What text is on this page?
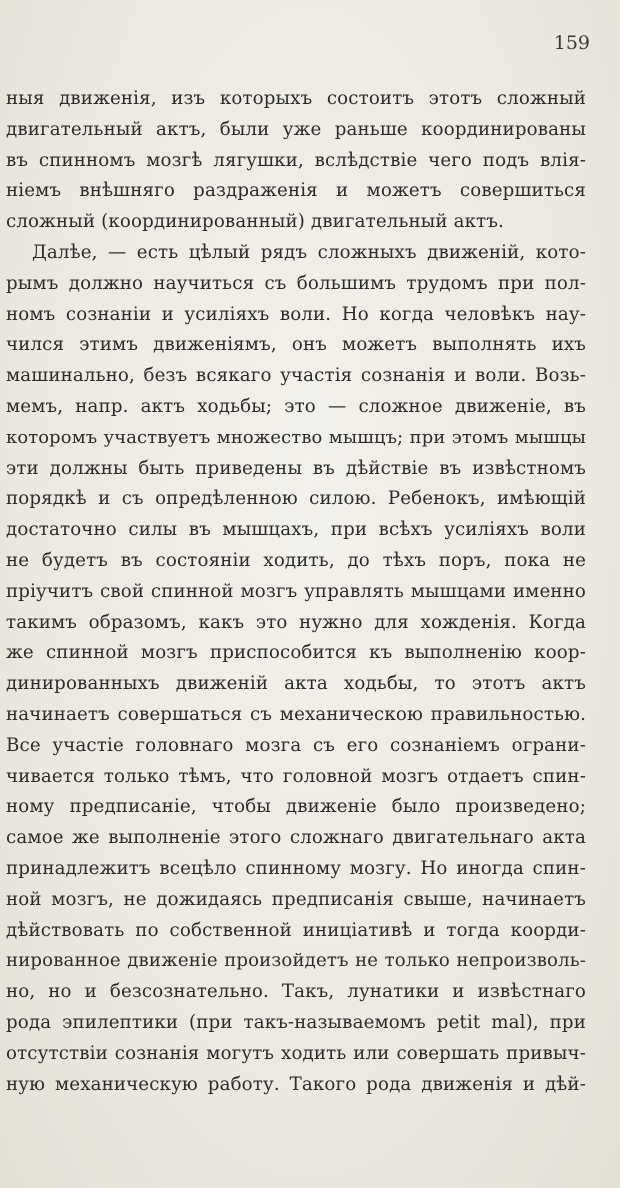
159
ныя движенія, изъ которыхъ состоитъ этотъ сложный
двигательный актъ, были уже раньше координированы
въ спинномъ мозгѣ лягушки, вслѣдствіе чего подъ влія-
ніемъ внѣшняго раздраженія и можетъ совершиться
сложный (координированный) двигательный актъ.
Далѣе, — есть цѣлый рядъ сложныхъ движеній, кото-
рымъ должно научиться съ большимъ трудомъ при пол-
номъ сознаніи и усиліяхъ воли. Но когда человѣкъ нау-
чился этимъ движеніямъ, онъ можетъ выполнять ихъ
машинально, безъ всякаго участія сознанія и воли. Возь-
мемъ, напр. актъ ходьбы; это — сложное движеніе, въ
которомъ участвуетъ множество мышцъ; при этомъ мышцы
эти должны быть приведены въ дѣйствіе въ извѣстномъ
порядкѣ и съ опредѣленною силою. Ребенокъ, имѣющій
достаточно силы въ мышцахъ, при всѣхъ усиліяхъ воли
не будетъ въ состояніи ходить, до тѣхъ поръ, пока не
пріучитъ свой спинной мозгъ управлять мышцами именно
такимъ образомъ, какъ это нужно для хожденія. Когда
же спинной мозгъ приспособится къ выполненію коор-
динированныхъ движеній акта ходьбы, то этотъ актъ
начинаетъ совершаться съ механическою правильностью.
Все участіе головнаго мозга съ его сознаніемъ ограни-
чивается только тѣмъ, что головной мозгъ отдаетъ спин-
ному предписаніе, чтобы движеніе было произведено;
самое же выполненіе этого сложнаго двигательнаго акта
принадлежитъ всецѣло спинному мозгу. Но иногда спин-
ной мозгъ, не дожидаясь предписанія свыше, начинаетъ
дѣйствовать по собственной иниціативѣ и тогда коорди-
нированное движеніе произойдетъ не только непроизволь-
но, но и безсознательно. Такъ, лунатики и извѣстнаго
рода эпилептики (при такъ-называемомъ petit mal), при
отсутствіи сознанія могутъ ходить или совершать привыч-
ную механическую работу. Такого рода движенія и дѣй-
